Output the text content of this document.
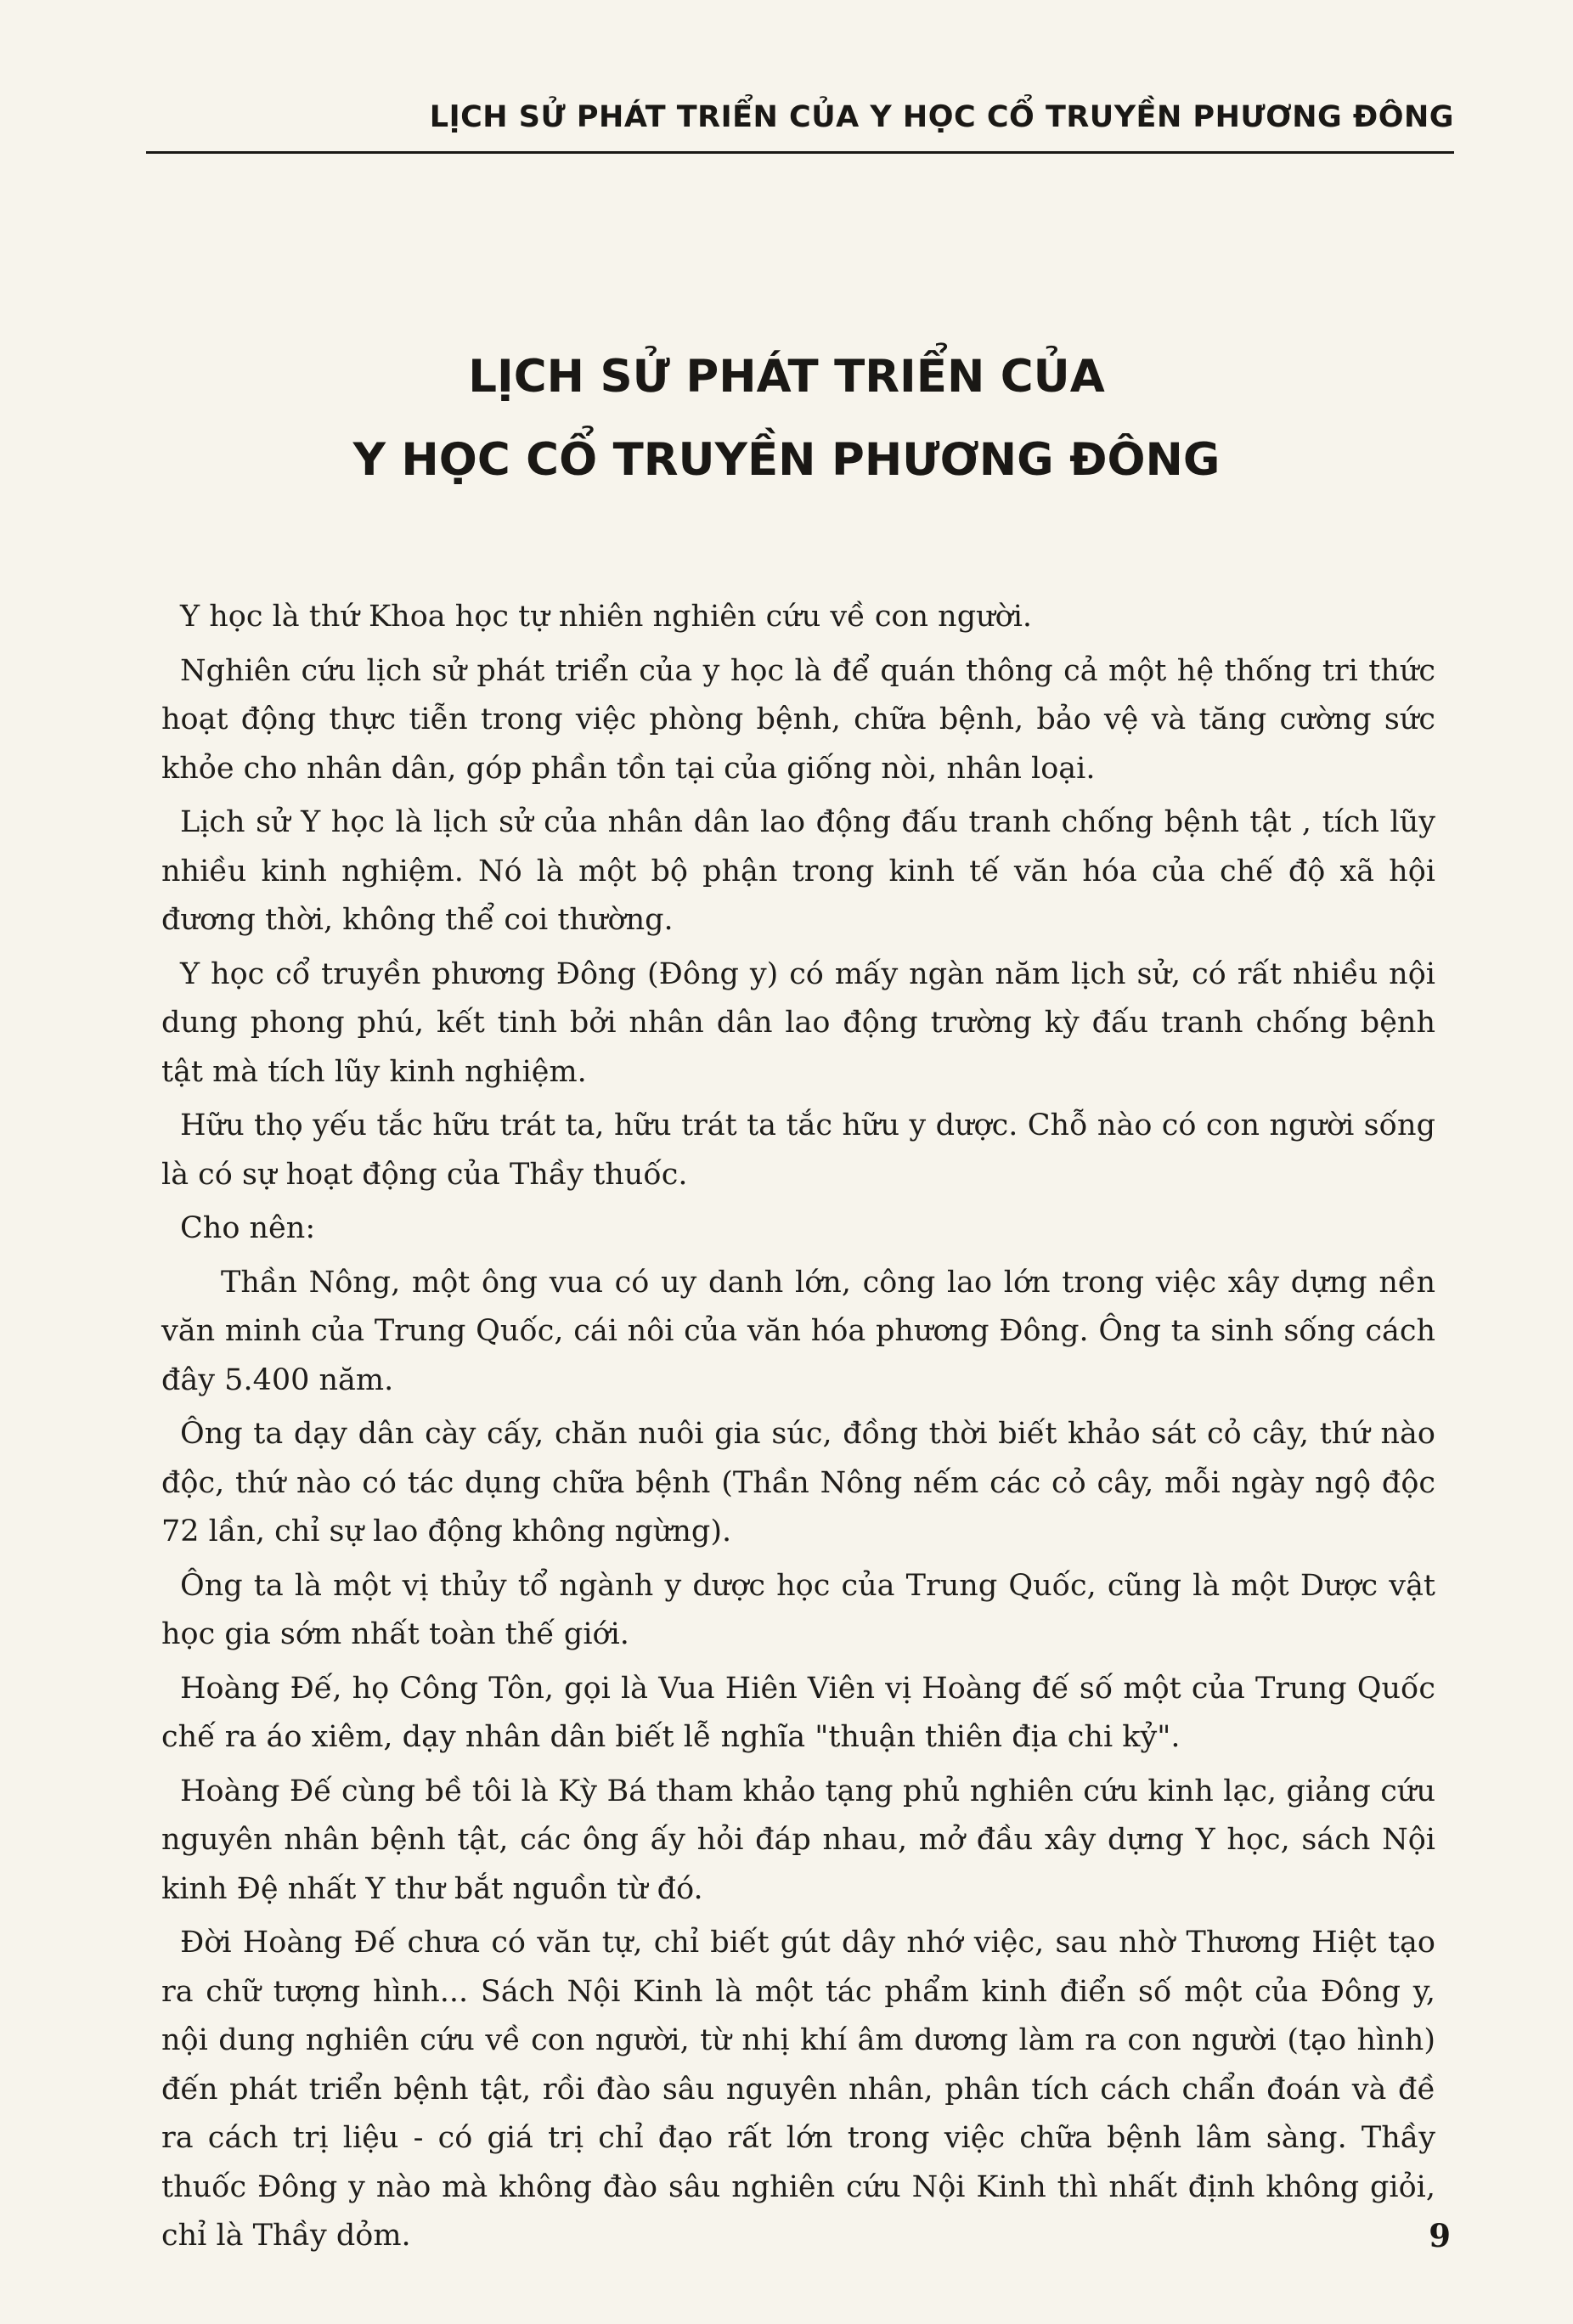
LỊCH SỬ PHÁT TRIỂN CỦA Y HỌC CỔ TRUYỀN PHƯƠNG ĐÔNG
LỊCH SỬ PHÁT TRIỂN CỦA
Y HỌC CỔ TRUYỀN PHƯƠNG ĐÔNG

Y học là thứ Khoa học tự nhiên nghiên cứu về con người.

Nghiên cứu lịch sử phát triển của y học là để quán thông cả một hệ thống tri thức hoạt động thực tiễn trong việc phòng bệnh, chữa bệnh, bảo vệ và tăng cường sức khỏe cho nhân dân, góp phần tồn tại của giống nòi, nhân loại.

Lịch sử Y học là lịch sử của nhân dân lao động đấu tranh chống bệnh tật , tích lũy nhiều kinh nghiệm. Nó là một bộ phận trong kinh tế văn hóa của chế độ xã hội đương thời, không thể coi thường.

Y học cổ truyền phương Đông (Đông y) có mấy ngàn năm lịch sử, có rất nhiều nội dung phong phú, kết tinh bởi nhân dân lao động trường kỳ đấu tranh chống bệnh tật mà tích lũy kinh nghiệm.

Hữu thọ yếu tắc hữu trát ta, hữu trát ta tắc hữu y dược. Chỗ nào có con người sống là có sự hoạt động của Thầy thuốc.

Cho nên:

Thần Nông, một ông vua có uy danh lớn, công lao lớn trong việc xây dựng nền văn minh của Trung Quốc, cái nôi của văn hóa phương Đông. Ông ta sinh sống cách đây 5.400 năm.

Ông ta dạy dân cày cấy, chăn nuôi gia súc, đồng thời biết khảo sát cỏ cây, thứ nào độc, thứ nào có tác dụng chữa bệnh (Thần Nông nếm các cỏ cây, mỗi ngày ngộ độc 72 lần, chỉ sự lao động không ngừng).

Ông ta là một vị thủy tổ ngành y dược học của Trung Quốc, cũng là một Dược vật học gia sớm nhất toàn thế giới.

Hoàng Đế, họ Công Tôn, gọi là Vua Hiên Viên vị Hoàng đế số một của Trung Quốc chế ra áo xiêm, dạy nhân dân biết lễ nghĩa "thuận thiên địa chi kỷ".

Hoàng Đế cùng bề tôi là Kỳ Bá tham khảo tạng phủ nghiên cứu kinh lạc, giảng cứu nguyên nhân bệnh tật, các ông ấy hỏi đáp nhau, mở đầu xây dựng Y học, sách Nội kinh Đệ nhất Y thư bắt nguồn từ đó.

Đời Hoàng Đế chưa có văn tự, chỉ biết gút dây nhớ việc, sau nhờ Thương Hiệt tạo ra chữ tượng hình... Sách Nội Kinh là một tác phẩm kinh điển số một của Đông y, nội dung nghiên cứu về con người, từ nhị khí âm dương làm ra con người (tạo hình) đến phát triển bệnh tật, rồi đào sâu nguyên nhân, phân tích cách chẩn đoán và đề ra cách trị liệu - có giá trị chỉ đạo rất lớn trong việc chữa bệnh lâm sàng. Thầy thuốc Đông y nào mà không đào sâu nghiên cứu Nội Kinh thì nhất định không giỏi, chỉ là Thầy dỏm.	9
